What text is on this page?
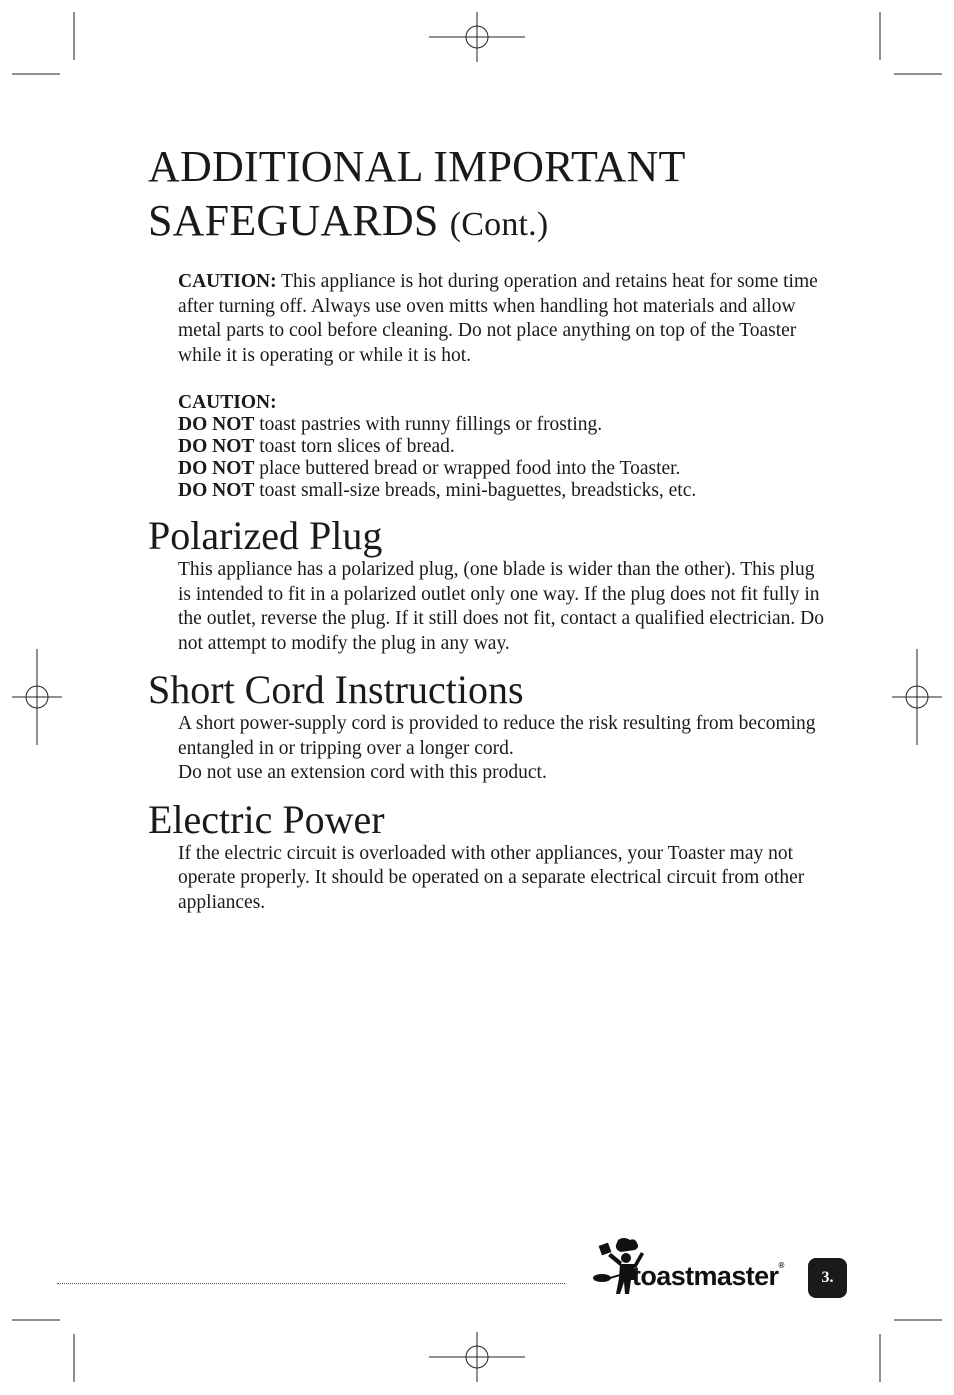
ADDITIONAL IMPORTANT SAFEGUARDS (Cont.)

CAUTION: This appliance is hot during operation and retains heat for some time after turning off. Always use oven mitts when handling hot materials and allow metal parts to cool before cleaning. Do not place anything on top of the Toaster while it is operating or while it is hot.

CAUTION:
DO NOT toast pastries with runny fillings or frosting.
DO NOT toast torn slices of bread.
DO NOT place buttered bread or wrapped food into the Toaster.
DO NOT toast small-size breads, mini-baguettes, breadsticks, etc.
Polarized Plug

This appliance has a polarized plug, (one blade is wider than the other). This plug is intended to fit in a polarized outlet only one way. If the plug does not fit fully in the outlet, reverse the plug. If it still does not fit, contact a qualified electrician. Do not attempt to modify the plug in any way.

Short Cord Instructions

A short power-supply cord is provided to reduce the risk resulting from becoming entangled in or tripping over a longer cord.

Do not use an extension cord with this product.

Electric Power

If the electric circuit is overloaded with other appliances, your Toaster may not operate properly. It should be operated on a separate electrical circuit from other appliances.

toastmaster®
3.
